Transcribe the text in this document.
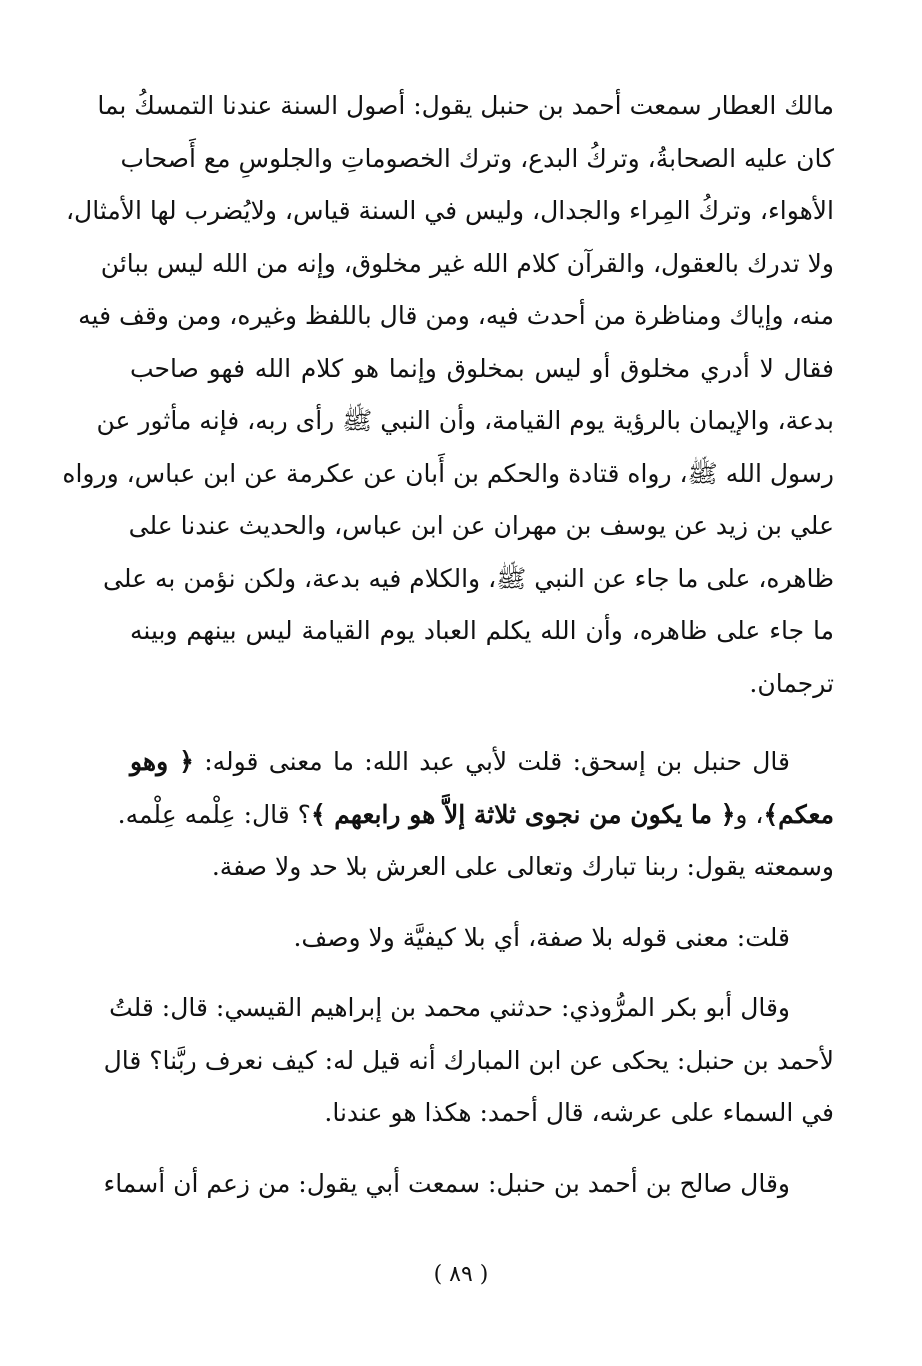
مالك العطار سمعت أحمد بن حنبل يقول: أصول السنة عندنا التمسكُ بما
كان عليه الصحابةُ، وتركُ البدع، وترك الخصوماتِ والجلوسِ مع أَصحاب
الأهواء، وتركُ المِراء والجدال، وليس في السنة قياس، ولايُضرب لها الأمثال،
ولا تدرك بالعقول، والقرآن كلام الله غير مخلوق، وإنه من الله ليس ببائن
منه، وإياك ومناظرة من أحدث فيه، ومن قال باللفظ وغيره، ومن وقف فيه
فقال لا أدري مخلوق أو ليس بمخلوق وإنما هو كلام الله فهو صاحب
بدعة، والإيمان بالرؤية يوم القيامة، وأن النبي ﷺ رأى ربه، فإنه مأثور عن
رسول الله ﷺ، رواه قتادة والحكم بن أَبان عن عكرمة عن ابن عباس، ورواه
علي بن زيد عن يوسف بن مهران عن ابن عباس، والحديث عندنا على
ظاهره، على ما جاء عن النبي ﷺ، والكلام فيه بدعة، ولكن نؤمن به على
ما جاء على ظاهره، وأن الله يكلم العباد يوم القيامة ليس بينهم وبينه
ترجمان.
قال حنبل بن إسحق: قلت لأبي عبد الله: ما معنى قوله: ﴿ وهو
معكم﴾، و﴿ ما يكون من نجوى ثلاثة إلاَّ هو رابعهم ﴾؟ قال: عِلْمه عِلْمه.
وسمعته يقول: ربنا تبارك وتعالى على العرش بلا حد ولا صفة.
قلت: معنى قوله بلا صفة، أي بلا كيفيَّة ولا وصف.
وقال أبو بكر المرُّوذي: حدثني محمد بن إبراهيم القيسي: قال: قلتُ
لأحمد بن حنبل: يحكى عن ابن المبارك أنه قيل له: كيف نعرف ربَّنا؟ قال
في السماء على عرشه، قال أحمد: هكذا هو عندنا.
وقال صالح بن أحمد بن حنبل: سمعت أبي يقول: من زعم أن أسماء
( ٨٩ )
